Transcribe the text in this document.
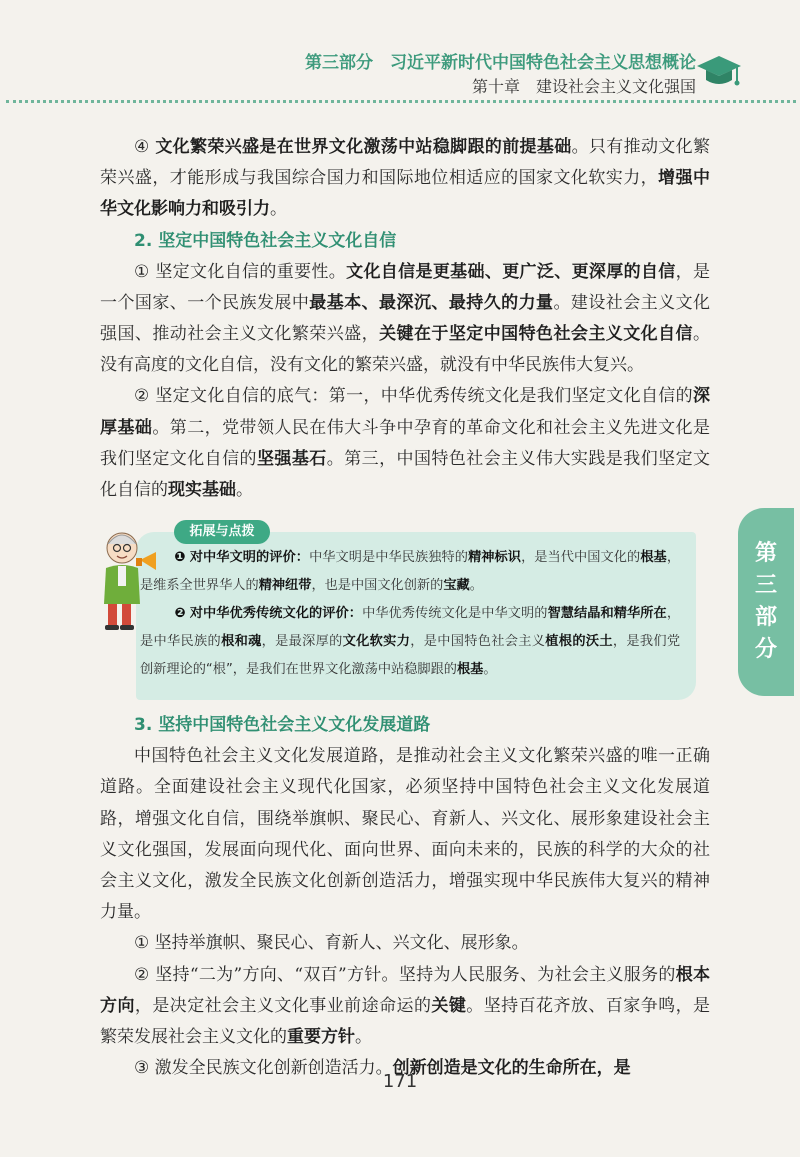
第三部分　习近平新时代中国特色社会主义思想概论
第十章　建设社会主义文化强国

④ 文化繁荣兴盛是在世界文化激荡中站稳脚跟的前提基础。只有推动文化繁荣兴盛，才能形成与我国综合国力和国际地位相适应的国家文化软实力，增强中华文化影响力和吸引力。

2. 坚定中国特色社会主义文化自信

① 坚定文化自信的重要性。文化自信是更基础、更广泛、更深厚的自信，是一个国家、一个民族发展中最基本、最深沉、最持久的力量。建设社会主义文化强国、推动社会主义文化繁荣兴盛，关键在于坚定中国特色社会主义文化自信。没有高度的文化自信，没有文化的繁荣兴盛，就没有中华民族伟大复兴。

② 坚定文化自信的底气：第一，中华优秀传统文化是我们坚定文化自信的深厚基础。第二，党带领人民在伟大斗争中孕育的革命文化和社会主义先进文化是我们坚定文化自信的坚强基石。第三，中国特色社会主义伟大实践是我们坚定文化自信的现实基础。

3. 坚持中国特色社会主义文化发展道路

中国特色社会主义文化发展道路，是推动社会主义文化繁荣兴盛的唯一正确道路。全面建设社会主义现代化国家，必须坚持中国特色社会主义文化发展道路，增强文化自信，围绕举旗帜、聚民心、育新人、兴文化、展形象建设社会主义文化强国，发展面向现代化、面向世界、面向未来的，民族的科学的大众的社会主义文化，激发全民族文化创新创造活力，增强实现中华民族伟大复兴的精神力量。

① 坚持举旗帜、聚民心、育新人、兴文化、展形象。

② 坚持“二为”方向、“双百”方针。坚持为人民服务、为社会主义服务的根本方向，是决定社会主义文化事业前途命运的关键。坚持百花齐放、百家争鸣，是繁荣发展社会主义文化的重要方针。

③ 激发全民族文化创新创造活力。创新创造是文化的生命所在，是

拓展与点拨

❶ 对中华文明的评价：中华文明是中华民族独特的精神标识，是当代中国文化的根基，是维系全世界华人的精神纽带，也是中国文化创新的宝藏。

❷ 对中华优秀传统文化的评价：中华优秀传统文化是中华文明的智慧结晶和精华所在，是中华民族的根和魂，是最深厚的文化软实力，是中国特色社会主义植根的沃土，是我们党创新理论的“根”，是我们在世界文化激荡中站稳脚跟的根基。

第
三
部
分
171
